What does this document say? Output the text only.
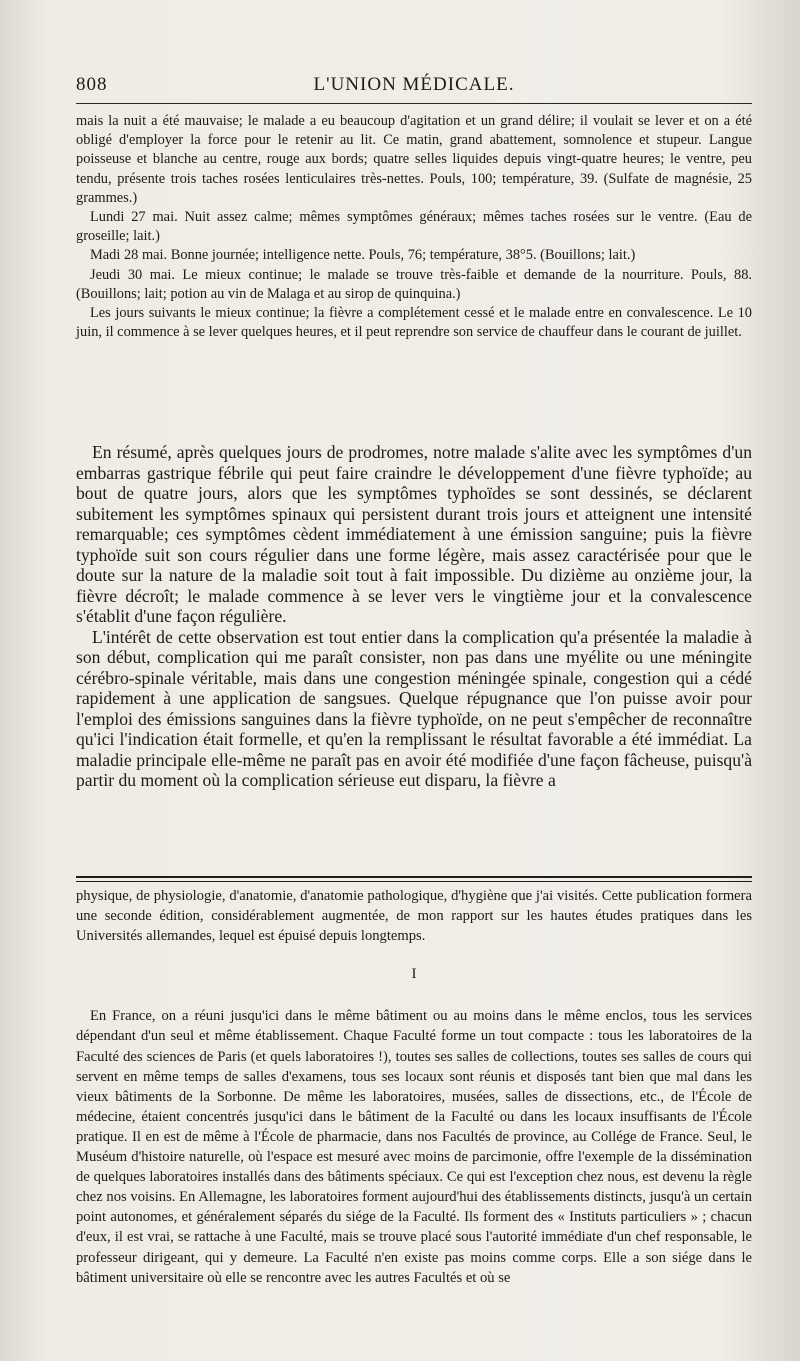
808	L'UNION MÉDICALE.

mais la nuit a été mauvaise; le malade a eu beaucoup d'agitation et un grand délire; il voulait se lever et on a été obligé d'employer la force pour le retenir au lit. Ce matin, grand abattement, somnolence et stupeur. Langue poisseuse et blanche au centre, rouge aux bords; quatre selles liquides depuis vingt-quatre heures; le ventre, peu tendu, présente trois taches rosées lenticulaires très-nettes. Pouls, 100; température, 39. (Sulfate de magnésie, 25 grammes.)

Lundi 27 mai. Nuit assez calme; mêmes symptômes généraux; mêmes taches rosées sur le ventre. (Eau de groseille; lait.)

Madi 28 mai. Bonne journée; intelligence nette. Pouls, 76; température, 38°5. (Bouillons; lait.)

Jeudi 30 mai. Le mieux continue; le malade se trouve très-faible et demande de la nourriture. Pouls, 88. (Bouillons; lait; potion au vin de Malaga et au sirop de quinquina.)

Les jours suivants le mieux continue; la fièvre a complétement cessé et le malade entre en convalescence. Le 10 juin, il commence à se lever quelques heures, et il peut reprendre son service de chauffeur dans le courant de juillet.

En résumé, après quelques jours de prodromes, notre malade s'alite avec les symptômes d'un embarras gastrique fébrile qui peut faire craindre le développement d'une fièvre typhoïde; au bout de quatre jours, alors que les symptômes typhoïdes se sont dessinés, se déclarent subitement les symptômes spinaux qui persistent durant trois jours et atteignent une intensité remarquable; ces symptômes cèdent immédiatement à une émission sanguine; puis la fièvre typhoïde suit son cours régulier dans une forme légère, mais assez caractérisée pour que le doute sur la nature de la maladie soit tout à fait impossible. Du dizième au onzième jour, la fièvre décroît; le malade commence à se lever vers le vingtième jour et la convalescence s'établit d'une façon régulière.

L'intérêt de cette observation est tout entier dans la complication qu'a présentée la maladie à son début, complication qui me paraît consister, non pas dans une myélite ou une méningite cérébro-spinale véritable, mais dans une congestion méningée spinale, congestion qui a cédé rapidement à une application de sangsues. Quelque répugnance que l'on puisse avoir pour l'emploi des émissions sanguines dans la fièvre typhoïde, on ne peut s'empêcher de reconnaître qu'ici l'indication était formelle, et qu'en la remplissant le résultat favorable a été immédiat. La maladie principale elle-même ne paraît pas en avoir été modifiée d'une façon fâcheuse, puisqu'à partir du moment où la complication sérieuse eut disparu, la fièvre a

physique, de physiologie, d'anatomie, d'anatomie pathologique, d'hygiène que j'ai visités. Cette publication formera une seconde édition, considérablement augmentée, de mon rapport sur les hautes études pratiques dans les Universités allemandes, lequel est épuisé depuis longtemps.

I

En France, on a réuni jusqu'ici dans le même bâtiment ou au moins dans le même enclos, tous les services dépendant d'un seul et même établissement. Chaque Faculté forme un tout compacte : tous les laboratoires de la Faculté des sciences de Paris (et quels laboratoires !), toutes ses salles de collections, toutes ses salles de cours qui servent en même temps de salles d'examens, tous ses locaux sont réunis et disposés tant bien que mal dans les vieux bâtiments de la Sorbonne. De même les laboratoires, musées, salles de dissections, etc., de l'École de médecine, étaient concentrés jusqu'ici dans le bâtiment de la Faculté ou dans les locaux insuffisants de l'École pratique. Il en est de même à l'École de pharmacie, dans nos Facultés de province, au Collége de France. Seul, le Muséum d'histoire naturelle, où l'espace est mesuré avec moins de parcimonie, offre l'exemple de la dissémination de quelques laboratoires installés dans des bâtiments spéciaux. Ce qui est l'exception chez nous, est devenu la règle chez nos voisins. En Allemagne, les laboratoires forment aujourd'hui des établissements distincts, jusqu'à un certain point autonomes, et généralement séparés du siége de la Faculté. Ils forment des « Instituts particuliers » ; chacun d'eux, il est vrai, se rattache à une Faculté, mais se trouve placé sous l'autorité immédiate d'un chef responsable, le professeur dirigeant, qui y demeure. La Faculté n'en existe pas moins comme corps. Elle a son siége dans le bâtiment universitaire où elle se rencontre avec les autres Facultés et où se
